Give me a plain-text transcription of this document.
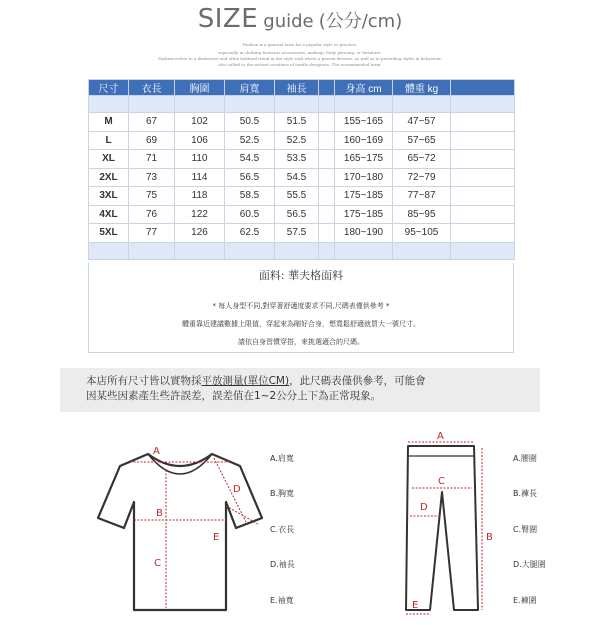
SIZE guide (公分/cm)
Fashion is a general term for a popular style or practice,
especially in clothing footwear accessories, makeup, body piercing, or furniture.
Fashion refers to a distinctive and often habitual trend in the style with which a person dresses, as well as to prevailing styles in behaviour.
also called to the newest creations of textile designers. The recommended term.
尺寸	衣長	胸圍	肩寬	袖長		身高 cm	體重 kg	

M	67	102	50.5	51.5		155~165	47~57	
L	69	106	52.5	52.5		160~169	57~65	
XL	71	110	54.5	53.5		165~175	65~72	
2XL	73	114	56.5	54.5		170~180	72~79	
3XL	75	118	58.5	55.5		175~185	77~87	
4XL	76	122	60.5	56.5		175~185	85~95	
5XL	77	126	62.5	57.5		180~190	95~105	

面料: 華夫格面料
* 每人身型不同,對穿著舒適度要求不同,尺碼表僅供參考 *
體重靠近建議數據上限值，穿起來為剛好合身，想寬鬆舒適就買大一號尺寸。
請依自身習慣穿搭，來挑選適合的尺碼。
本店所有尺寸皆以實物採平放測量(單位CM)，此尺碼表僅供參考，可能會
因某些因素產生些許誤差，誤差值在1~2公分上下為正常現象。
A
B
C
D
E
A.肩寬
B.胸寬
C.衣長
D.袖長
E.袖寬
A
B
C
D
E
A.腰圍
B.褲長
C.臀圍
D.大腿圍
E.褲圍
